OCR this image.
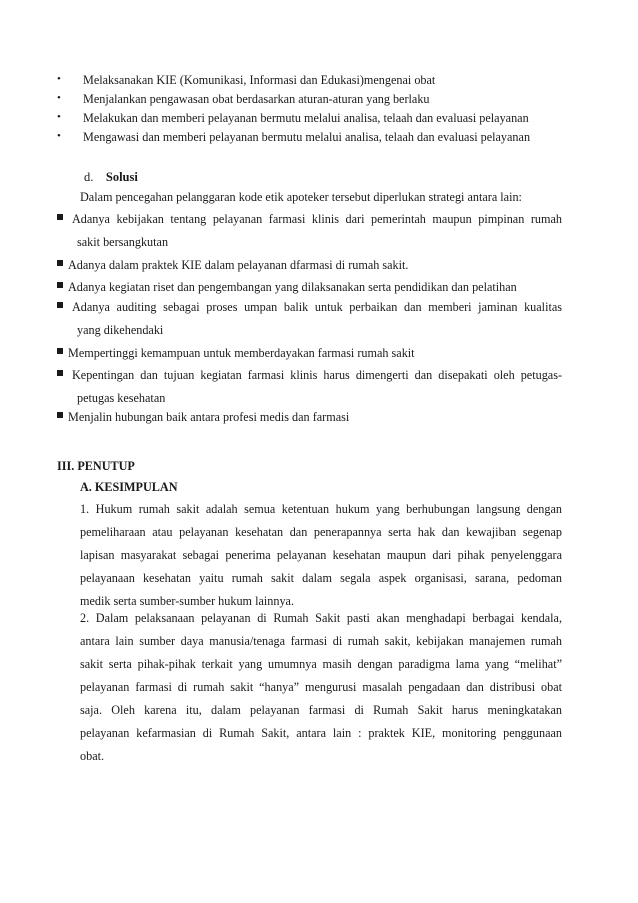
• Melaksanakan KIE (Komunikasi, Informasi dan Edukasi)mengenai obat
• Menjalankan pengawasan obat berdasarkan aturan-aturan yang berlaku
• Melakukan dan memberi pelayanan bermutu melalui analisa, telaah dan evaluasi pelayanan
• Mengawasi dan memberi pelayanan bermutu melalui analisa, telaah dan evaluasi pelayanan
d. Solusi
Dalam pencegahan pelanggaran kode etik apoteker tersebut diperlukan strategi antara lain:
Adanya kebijakan tentang pelayanan farmasi klinis dari pemerintah maupun pimpinan rumah
sakit bersangkutan
Adanya dalam praktek KIE dalam pelayanan dfarmasi di rumah sakit.
Adanya kegiatan riset dan pengembangan yang dilaksanakan serta pendidikan dan pelatihan
Adanya auditing sebagai proses umpan balik untuk perbaikan dan memberi jaminan kualitas
yang dikehendaki
Mempertinggi kemampuan untuk memberdayakan farmasi rumah sakit
Kepentingan dan tujuan kegiatan farmasi klinis harus dimengerti dan disepakati oleh petugas-
petugas kesehatan
Menjalin hubungan baik antara profesi medis dan farmasi
III. PENUTUP
A. KESIMPULAN
1. Hukum rumah sakit adalah semua ketentuan hukum yang berhubungan langsung dengan
pemeliharaan atau pelayanan kesehatan dan penerapannya serta hak dan kewajiban segenap
lapisan masyarakat sebagai penerima pelayanan kesehatan maupun dari pihak penyelenggara
pelayanaan kesehatan yaitu rumah sakit dalam segala aspek organisasi, sarana, pedoman
medik serta sumber-sumber hukum lainnya.
2. Dalam pelaksanaan pelayanan di Rumah Sakit pasti akan menghadapi berbagai kendala,
antara lain sumber daya manusia/tenaga farmasi di rumah sakit, kebijakan manajemen rumah
sakit serta pihak-pihak terkait yang umumnya masih dengan paradigma lama yang “melihat”
pelayanan farmasi di rumah sakit “hanya” mengurusi masalah pengadaan dan distribusi obat
saja. Oleh karena itu, dalam pelayanan farmasi di Rumah Sakit harus meningkatakan
pelayanan kefarmasian di Rumah Sakit, antara lain : praktek KIE, monitoring penggunaan
obat.
